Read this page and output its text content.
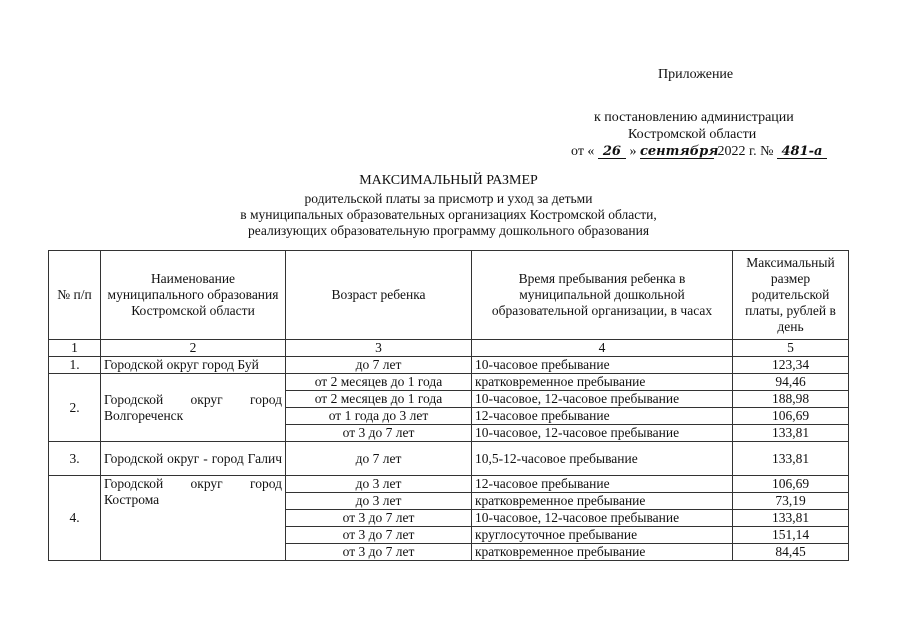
Приложение
к постановлению администрации
Костромской области
от « 26 » сентября 2022 г. № 481-а
МАКСИМАЛЬНЫЙ РАЗМЕР
родительской платы за присмотр и уход за детьми
в муниципальных образовательных организациях Костромской области,
реализующих образовательную программу дошкольного образования
№ п/п	Наименование муниципального образования Костромской области	Возраст ребенка	Время пребывания ребенка в муниципальной дошкольной образовательной организации, в часах	Максимальный размер родительской платы, рублей в день
1	2	3	4	5
1.	Городской округ город Буй	до 7 лет	10-часовое пребывание	123,34
2.	Городской округ город Волгореченск	от 2 месяцев до 1 года	кратковременное пребывание	94,46
		от 2 месяцев до 1 года	10-часовое, 12-часовое пребывание	188,98
		от 1 года до 3 лет	12-часовое пребывание	106,69
		от 3 до 7 лет	10-часовое, 12-часовое пребывание	133,81
3.	Городской округ - город Галич	до 7 лет	10,5-12-часовое пребывание	133,81
4.	Городской округ город Кострома	до 3 лет	12-часовое пребывание	106,69
		до 3 лет	кратковременное пребывание	73,19
		от 3 до 7 лет	10-часовое, 12-часовое пребывание	133,81
		от 3 до 7 лет	круглосуточное пребывание	151,14
		от 3 до 7 лет	кратковременное пребывание	84,45
